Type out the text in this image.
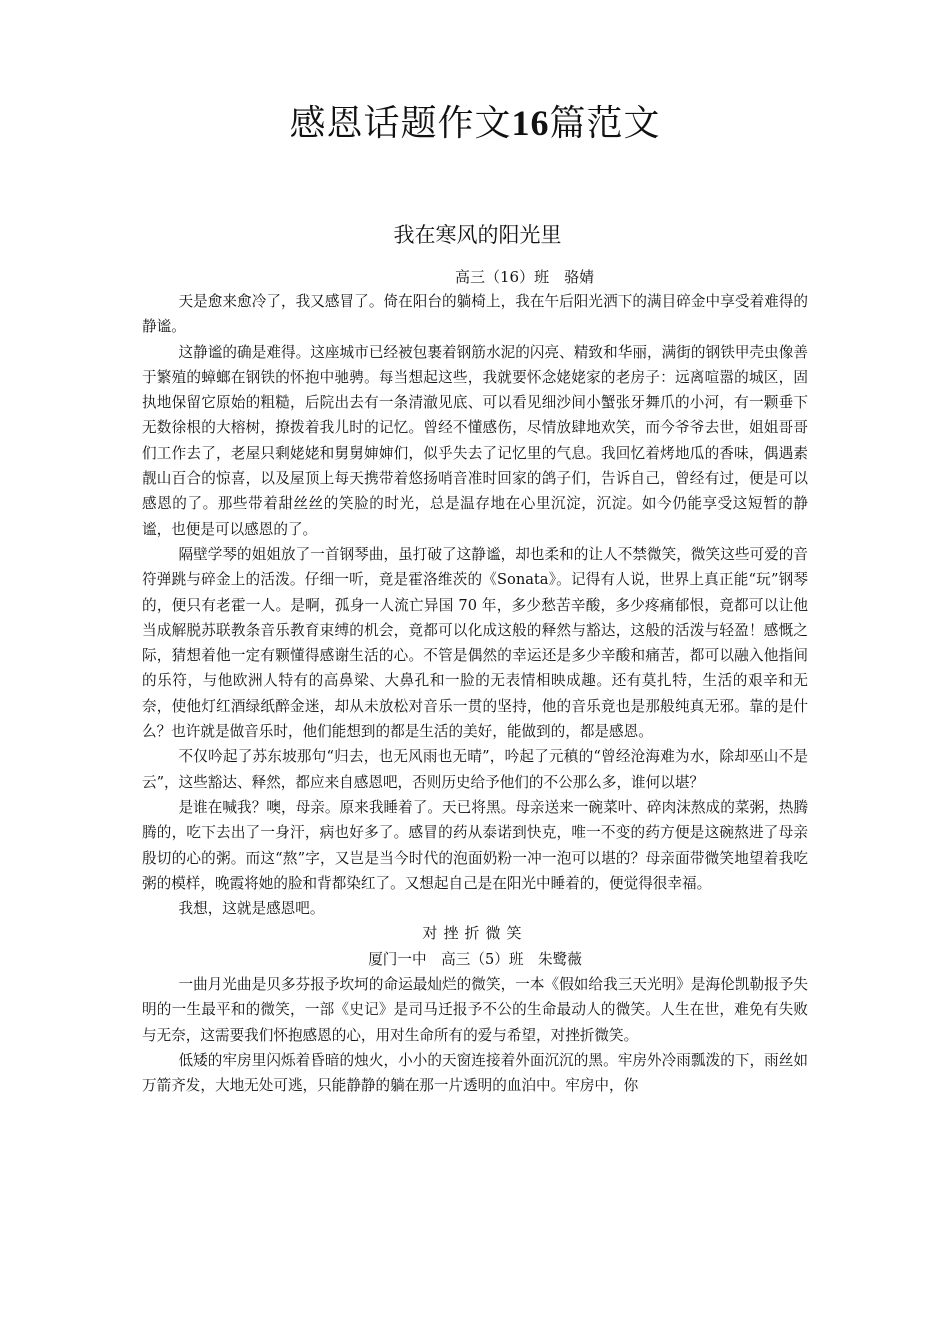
感恩话题作文16篇范文
我在寒风的阳光里
高三（16）班　骆婧

天是愈来愈冷了，我又感冒了。倚在阳台的躺椅上，我在午后阳光洒下的满目碎金中享受着难得的静谧。

这静谧的确是难得。这座城市已经被包裹着钢筋水泥的闪亮、精致和华丽，满街的钢铁甲壳虫像善于繁殖的蟑螂在钢铁的怀抱中驰骋。每当想起这些，我就要怀念姥姥家的老房子：远离喧嚣的城区，固执地保留它原始的粗糙，后院出去有一条清澈见底、可以看见细沙间小蟹张牙舞爪的小河，有一颗垂下无数徐根的大榕树，撩拨着我儿时的记忆。曾经不懂感伤，尽情放肆地欢笑，而今爷爷去世，姐姐哥哥们工作去了，老屋只剩姥姥和舅舅婶婶们，似乎失去了记忆里的气息。我回忆着烤地瓜的香味，偶遇素靓山百合的惊喜，以及屋顶上每天携带着悠扬哨音准时回家的鸽子们，告诉自己，曾经有过，便是可以感恩的了。那些带着甜丝丝的笑脸的时光，总是温存地在心里沉淀，沉淀。如今仍能享受这短暂的静谧，也便是可以感恩的了。

隔壁学琴的姐姐放了一首钢琴曲，虽打破了这静谧，却也柔和的让人不禁微笑，微笑这些可爱的音符弹跳与碎金上的活泼。仔细一听，竟是霍洛维茨的《Sonata》。记得有人说，世界上真正能“玩”钢琴的，便只有老霍一人。是啊，孤身一人流亡异国 70 年，多少愁苦辛酸，多少疼痛郁恨，竟都可以让他当成解脱苏联教条音乐教育束缚的机会，竟都可以化成这般的释然与豁达，这般的活泼与轻盈！感慨之际，猜想着他一定有颗懂得感谢生活的心。不管是偶然的幸运还是多少辛酸和痛苦，都可以融入他指间的乐符，与他欧洲人特有的高鼻梁、大鼻孔和一脸的无表情相映成趣。还有莫扎特，生活的艰辛和无奈，使他灯红酒绿纸醉金迷，却从未放松对音乐一贯的坚持，他的音乐竟也是那般纯真无邪。靠的是什么？也许就是做音乐时，他们能想到的都是生活的美好，能做到的，都是感恩。

不仅吟起了苏东坡那句“归去，也无风雨也无晴”，吟起了元稹的“曾经沧海难为水，除却巫山不是云”，这些豁达、释然，都应来自感恩吧，否则历史给予他们的不公那么多，谁何以堪？

是谁在喊我？噢，母亲。原来我睡着了。天已将黑。母亲送来一碗菜叶、碎肉沫熬成的菜粥，热腾腾的，吃下去出了一身汗，病也好多了。感冒的药从泰诺到快克，唯一不变的药方便是这碗熬进了母亲殷切的心的粥。而这“熬”字，又岂是当今时代的泡面奶粉一冲一泡可以堪的？母亲面带微笑地望着我吃粥的模样，晚霞将她的脸和背都染红了。又想起自己是在阳光中睡着的，便觉得很幸福。

我想，这就是感恩吧。

对挫折微笑

厦门一中　高三（5）班　朱鹭薇

一曲月光曲是贝多芬报予坎坷的命运最灿烂的微笑，一本《假如给我三天光明》是海伦凯勒报予失明的一生最平和的微笑，一部《史记》是司马迁报予不公的生命最动人的微笑。人生在世，难免有失败与无奈，这需要我们怀抱感恩的心，用对生命所有的爱与希望，对挫折微笑。

低矮的牢房里闪烁着昏暗的烛火，小小的天窗连接着外面沉沉的黑。牢房外冷雨瓢泼的下，雨丝如万箭齐发，大地无处可逃，只能静静的躺在那一片透明的血泊中。牢房中，你
